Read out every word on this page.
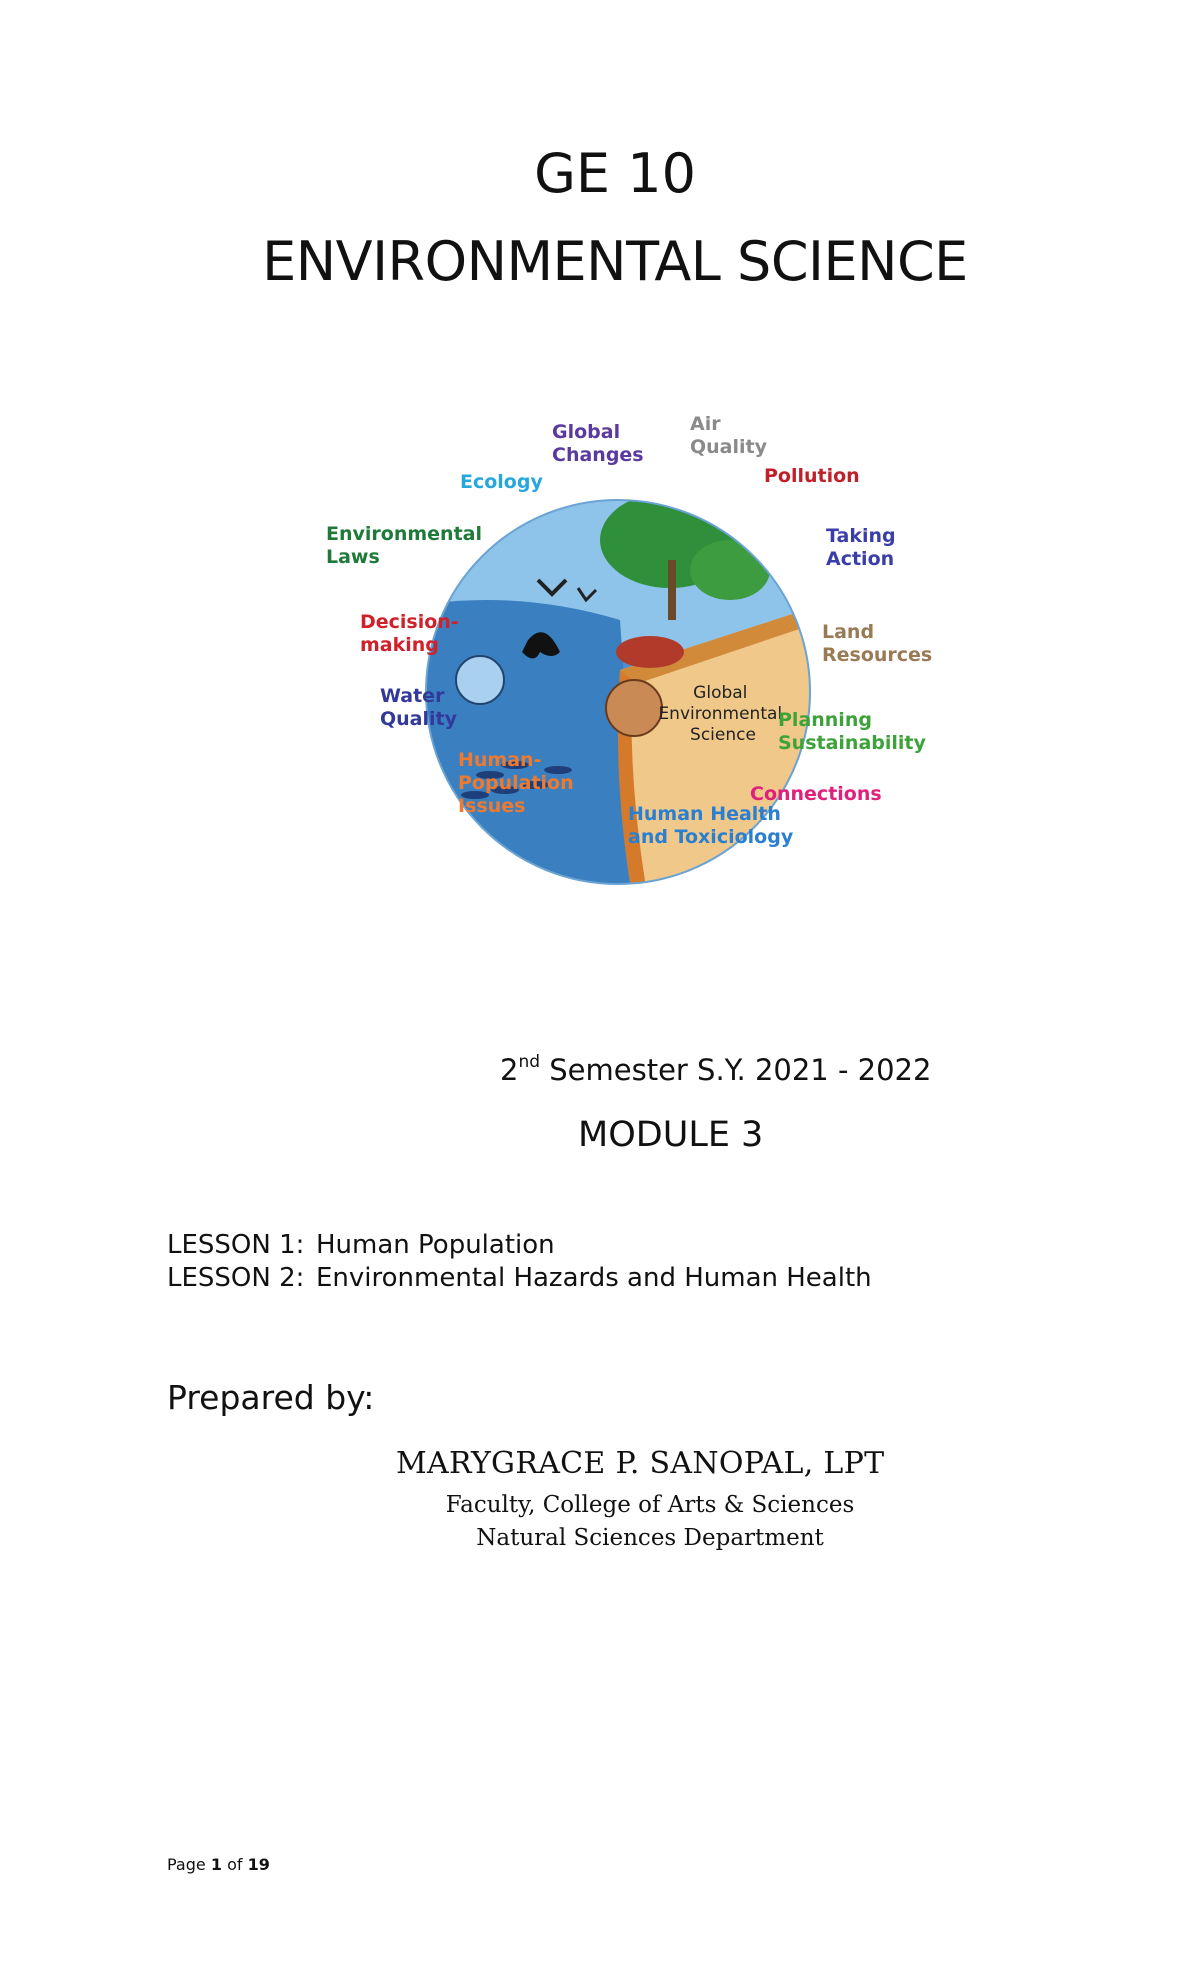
GE 10
ENVIRONMENTAL SCIENCE
Global Environmental Science
Global Changes
Air Quality
Pollution
Taking Action
Land Resources
Planning Sustainability
Connections
Human Health and Toxiciology
Human-Population Issues
Water Quality
Decision-making
Environmental Laws
Ecology
2nd Semester S.Y. 2021 - 2022
MODULE 3
LESSON 1: Human Population
LESSON 2: Environmental Hazards and Human Health
Prepared by:
MARYGRACE P. SANOPAL, LPT
Faculty, College of Arts & Sciences
Natural Sciences Department
Page 1 of 19
